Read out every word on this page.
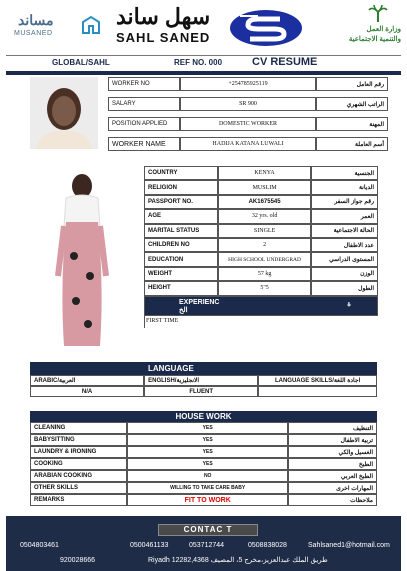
مساند
MUSANED
سهل ساند
SAHL SANED
وزارة العمل
والتنمية الاجتماعية
GLOBAL/SAHL	REF NO. 000	CV RESUME
WORKER NO	+254785925119	رقم العامل
SALARY	SR 900	الراتب الشهري
POSITION APPLIED	DOMESTIC WORKER	المهنة
WORKER NAME	HADIJA KATANA LUWALI	أسم العاملة
COUNTRY	KENYA	الجنسية
RELIGION	MUSLIM	الديانة
PASSPORT NO.	AK1675545	رقم جواز السفر
AGE	32 yrs. old	العمر
MARITAL STATUS	SINGLE	الحالة الاجتماعية
CHILDREN NO	2	عدد الاطفال
EDUCATION	HIGH SCHOOL UNDERGRAD	المستوى الدراسي
WEIGHT	57 kg	الوزن
HEIGHT	5"5	الطول
EXPERIENC
الخ
ة
FIRST TIME
LANGUAGE
ARABIC/العربية	ENGLISH/الانجليزية	LANGUAGE SKILLS/اجادة اللغة
N/A	FLUENT
HOUSE WORK
CLEANING	YES	التنظيف
BABYSITTING	YES	تربية الاطفال
LAUNDRY & IRONING	YES	الغسيل والكي
COOKING	YES	الطبخ
ARABIAN COOKING	NO	الطبخ العربي
OTHER SKILLS	WILLING TO TAKE CARE BABY	المهارات اخرى
REMARKS	FIT TO WORK	ملاحظات
CONTAC T
0504803461	0500461133	053712744	0508838028	Sahlsaned1@hotmail.com
920028666	Riyadh 12282,4368 طريق الملك عبدالعزيز،مخرج 5، المصيف
